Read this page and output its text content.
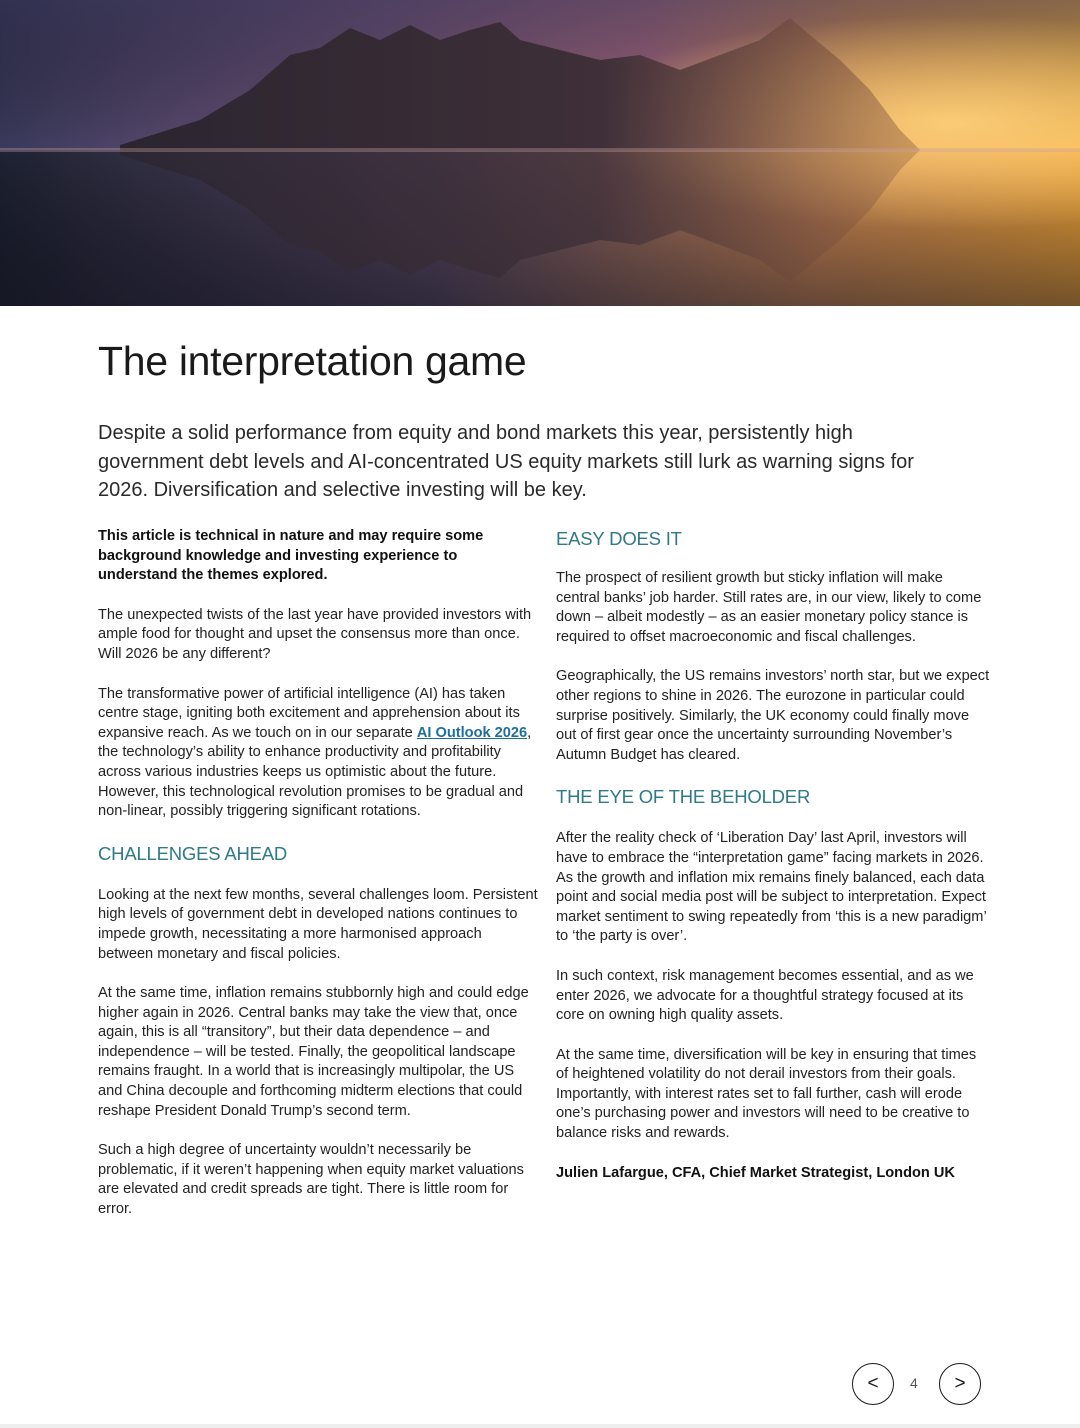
The interpretation game

Despite a solid performance from equity and bond markets this year, persistently high government debt levels and AI-concentrated US equity markets still lurk as warning signs for 2026. Diversification and selective investing will be key.

This article is technical in nature and may require some background knowledge and investing experience to understand the themes explored.

The unexpected twists of the last year have provided investors with ample food for thought and upset the consensus more than once. Will 2026 be any different?

The transformative power of artificial intelligence (AI) has taken centre stage, igniting both excitement and apprehension about its expansive reach. As we touch on in our separate AI Outlook 2026, the technology’s ability to enhance productivity and profitability across various industries keeps us optimistic about the future. However, this technological revolution promises to be gradual and non-linear, possibly triggering significant rotations.

CHALLENGES AHEAD

Looking at the next few months, several challenges loom. Persistent high levels of government debt in developed nations continues to impede growth, necessitating a more harmonised approach between monetary and fiscal policies.

At the same time, inflation remains stubbornly high and could edge higher again in 2026. Central banks may take the view that, once again, this is all “transitory”, but their data dependence – and independence – will be tested. Finally, the geopolitical landscape remains fraught. In a world that is increasingly multipolar, the US and China decouple and forthcoming midterm elections that could reshape President Donald Trump’s second term.

Such a high degree of uncertainty wouldn’t necessarily be problematic, if it weren’t happening when equity market valuations are elevated and credit spreads are tight. There is little room for error.

EASY DOES IT

The prospect of resilient growth but sticky inflation will make central banks’ job harder. Still rates are, in our view, likely to come down – albeit modestly – as an easier monetary policy stance is required to offset macroeconomic and fiscal challenges.

Geographically, the US remains investors’ north star, but we expect other regions to shine in 2026. The eurozone in particular could surprise positively. Similarly, the UK economy could finally move out of first gear once the uncertainty surrounding November’s Autumn Budget has cleared.

THE EYE OF THE BEHOLDER

After the reality check of ‘Liberation Day’ last April, investors will have to embrace the “interpretation game” facing markets in 2026. As the growth and inflation mix remains finely balanced, each data point and social media post will be subject to interpretation. Expect market sentiment to swing repeatedly from ‘this is a new paradigm’ to ‘the party is over’.

In such context, risk management becomes essential, and as we enter 2026, we advocate for a thoughtful strategy focused at its core on owning high quality assets.

At the same time, diversification will be key in ensuring that times of heightened volatility do not derail investors from their goals. Importantly, with interest rates set to fall further, cash will erode one’s purchasing power and investors will need to be creative to balance risks and rewards.

Julien Lafargue, CFA, Chief Market Strategist, London UK

<	4	>
